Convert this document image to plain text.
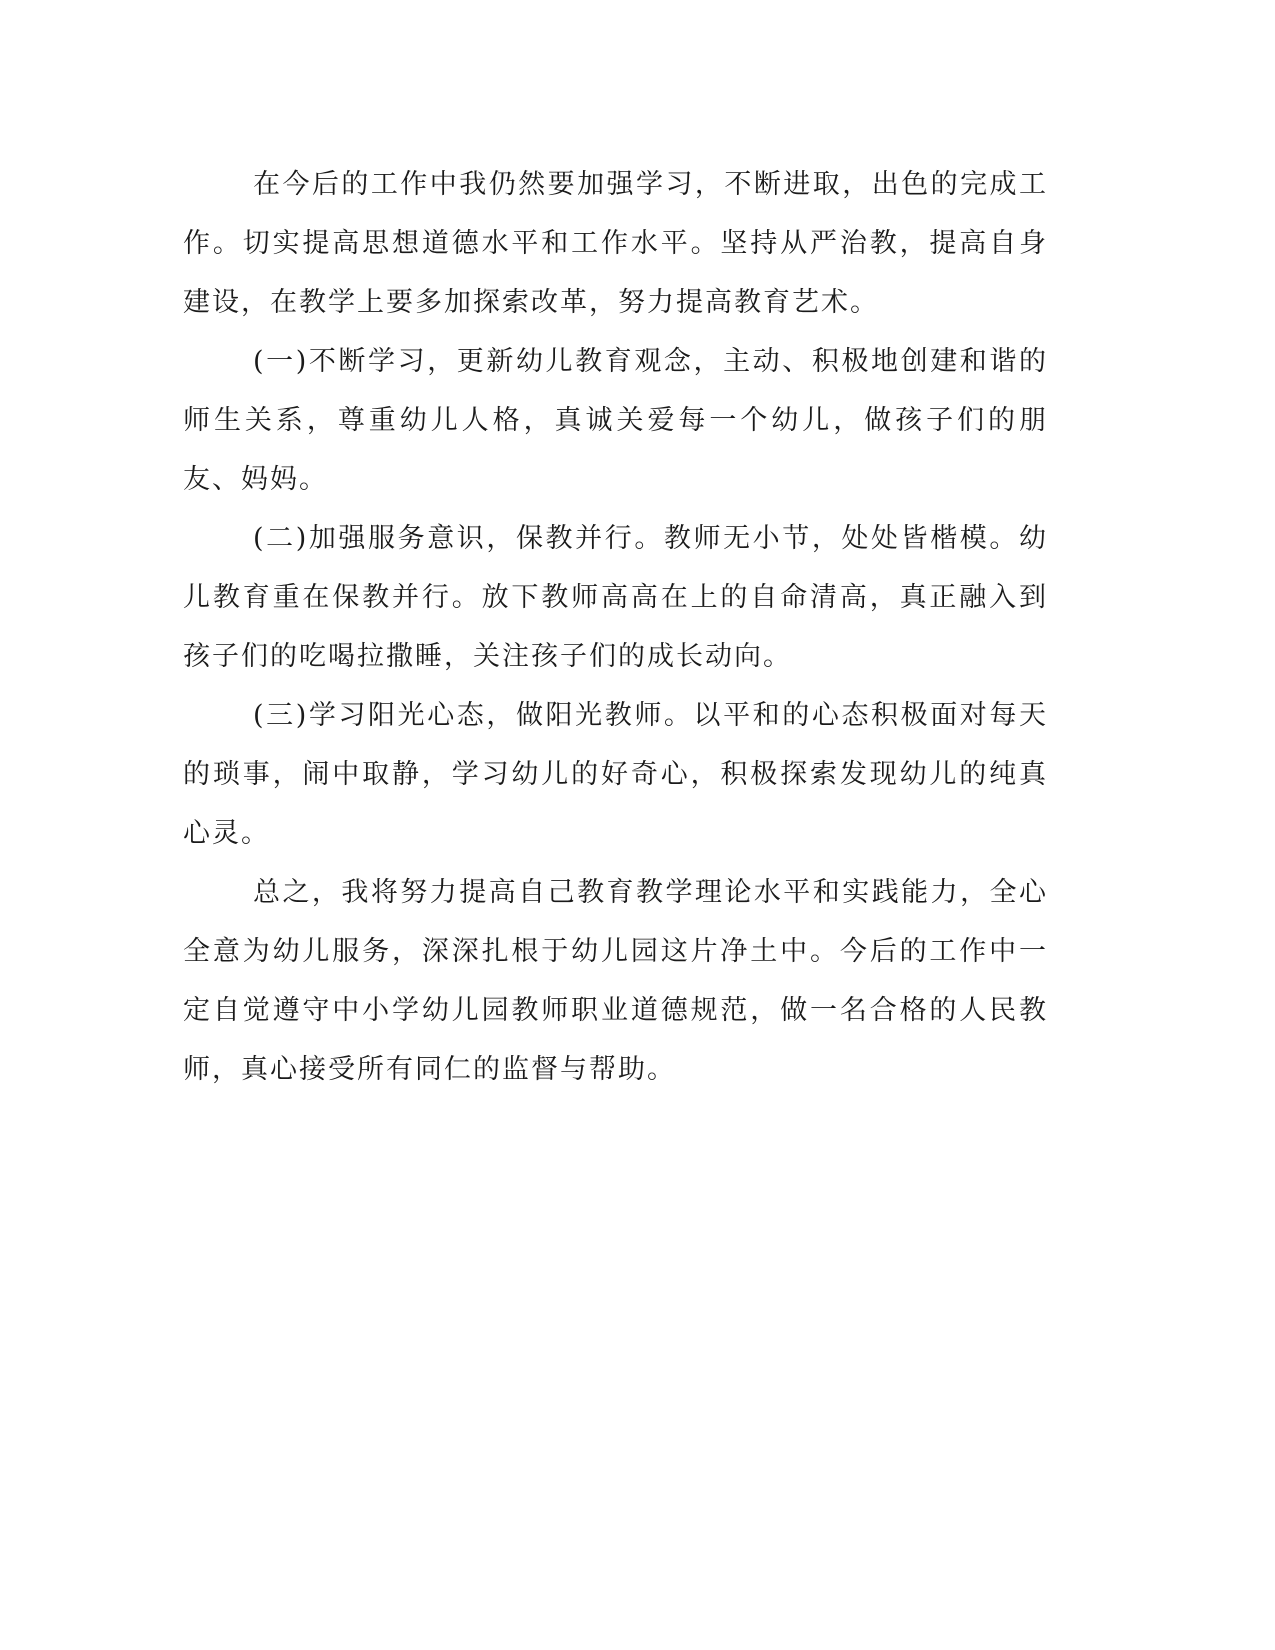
在今后的工作中我仍然要加强学习，不断进取，出色的完成工作。切实提高思想道德水平和工作水平。坚持从严治教，提高自身建设，在教学上要多加探索改革，努力提高教育艺术。

(一)不断学习，更新幼儿教育观念，主动、积极地创建和谐的师生关系，尊重幼儿人格，真诚关爱每一个幼儿，做孩子们的朋友、妈妈。

(二)加强服务意识，保教并行。教师无小节，处处皆楷模。幼儿教育重在保教并行。放下教师高高在上的自命清高，真正融入到孩子们的吃喝拉撒睡，关注孩子们的成长动向。

(三)学习阳光心态，做阳光教师。以平和的心态积极面对每天的琐事，闹中取静，学习幼儿的好奇心，积极探索发现幼儿的纯真心灵。

总之，我将努力提高自己教育教学理论水平和实践能力，全心全意为幼儿服务，深深扎根于幼儿园这片净土中。今后的工作中一定自觉遵守中小学幼儿园教师职业道德规范，做一名合格的人民教师，真心接受所有同仁的监督与帮助。
